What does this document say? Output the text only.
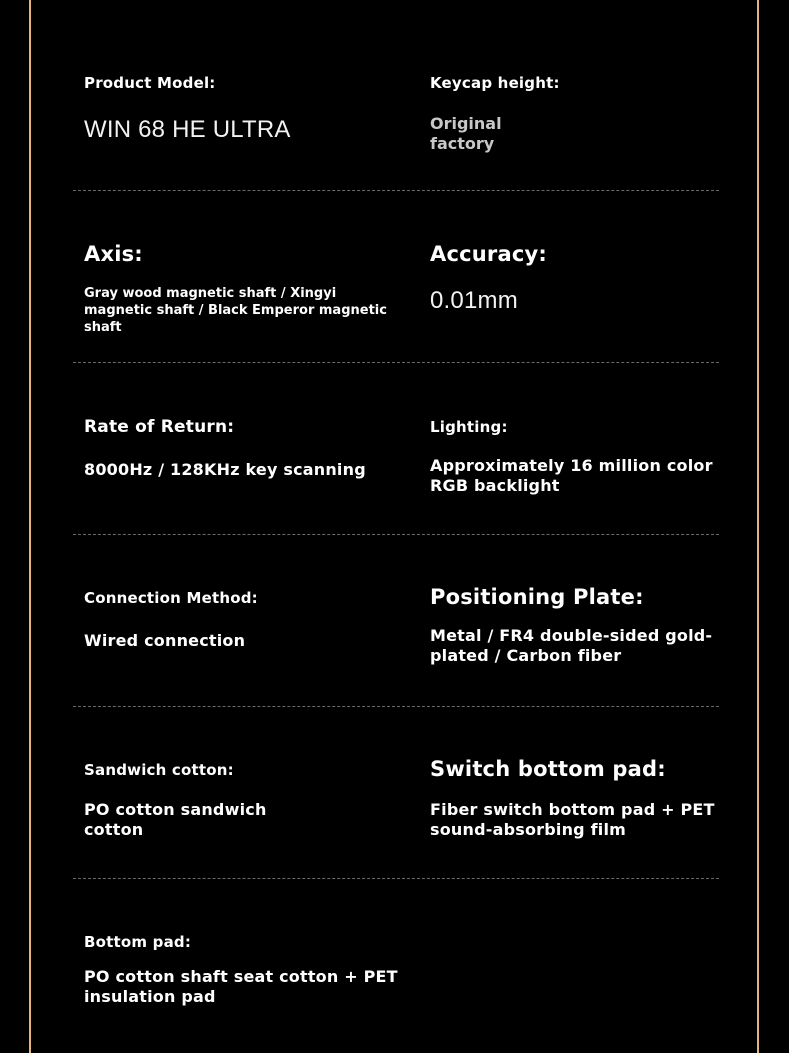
Product Model:
WIN 68 HE ULTRA
Keycap height:
Original
factory
Axis:
Gray wood magnetic shaft / Xingyi magnetic shaft / Black Emperor magnetic shaft
Accuracy:
0.01mm
Rate of Return:
8000Hz / 128KHz key scanning
Lighting:
Approximately 16 million color RGB backlight
Connection Method:
Wired connection
Positioning Plate:
Metal / FR4 double-sided gold-plated / Carbon fiber
Sandwich cotton:
PO cotton sandwich cotton
Switch bottom pad:
Fiber switch bottom pad + PET sound-absorbing film
Bottom pad:
PO cotton shaft seat cotton + PET insulation pad
